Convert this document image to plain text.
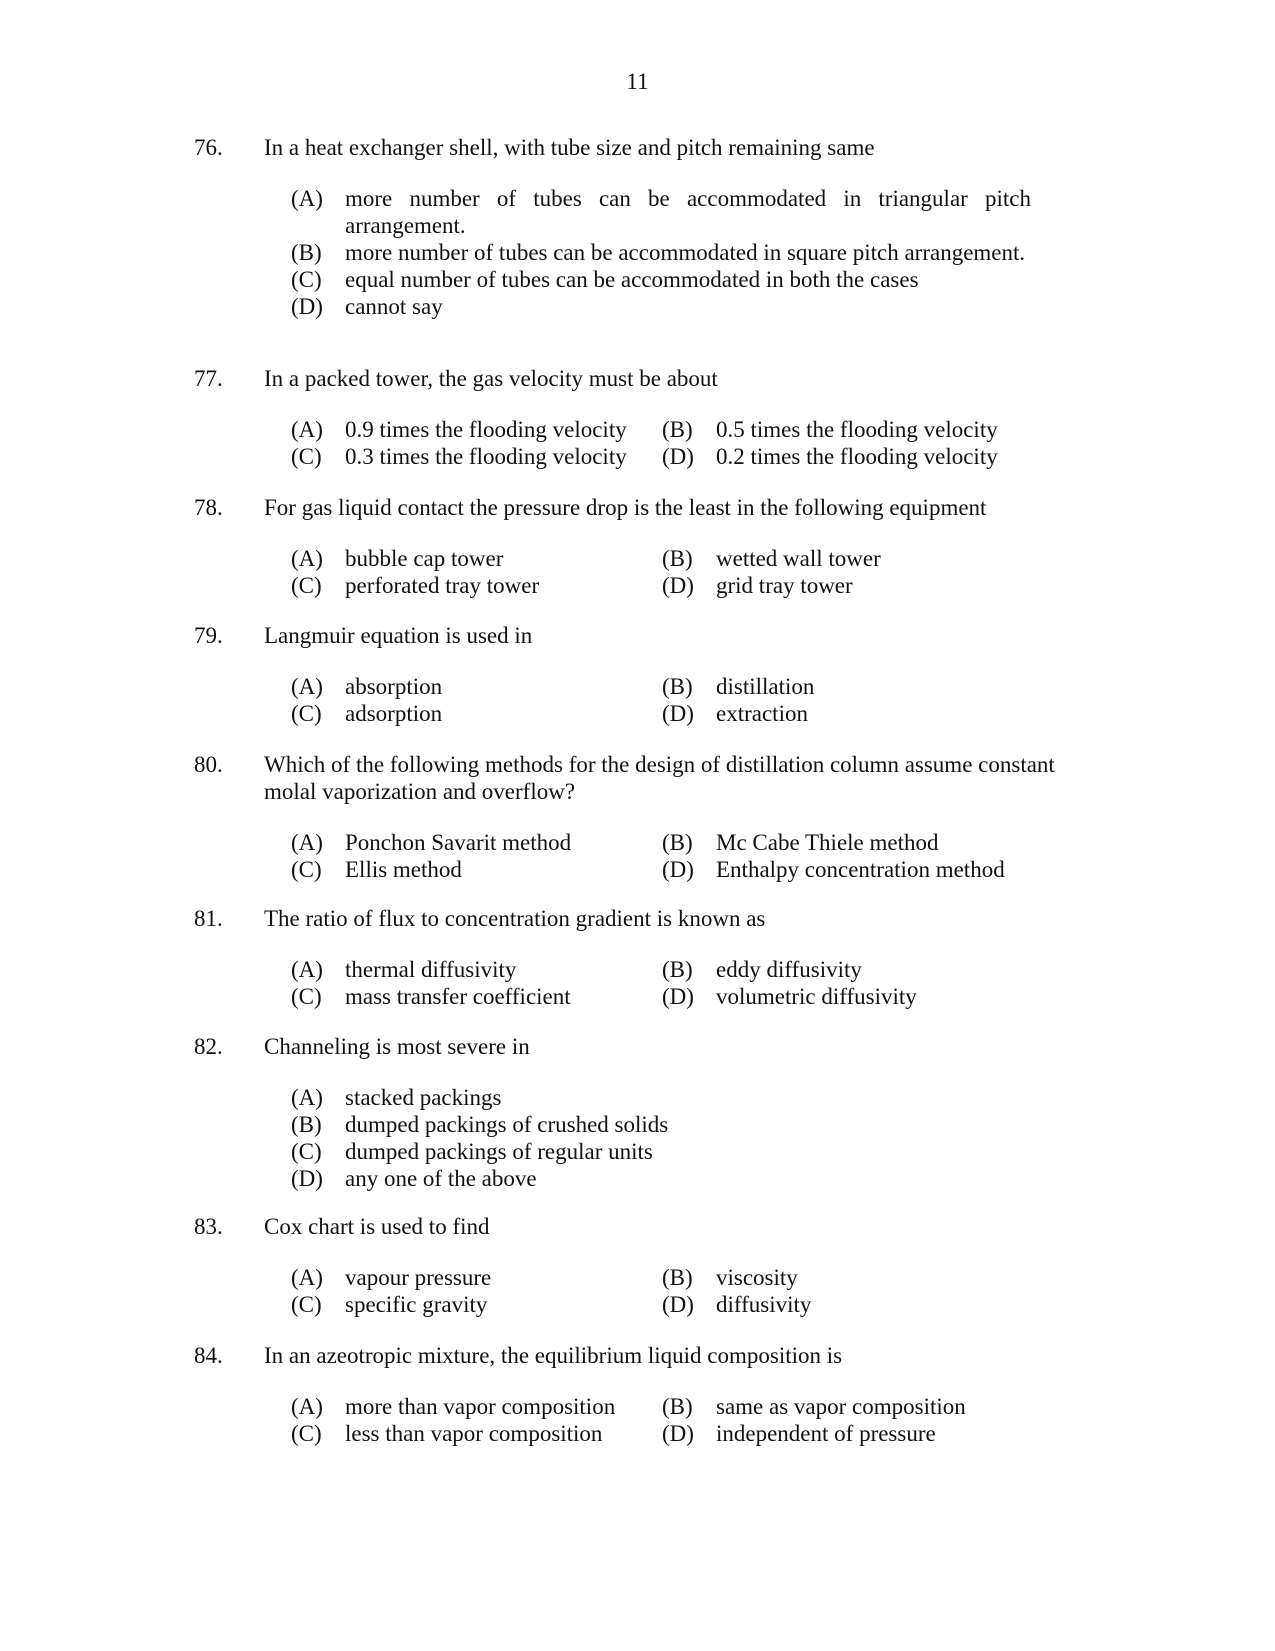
11
76.	In a heat exchanger shell, with tube size and pitch remaining same
(A) more number of tubes can be accommodated in triangular pitch arrangement.
(B)	more number of tubes can be accommodated in square pitch arrangement.
(C)	equal number of tubes can be accommodated in both the cases
(D) cannot say
77.	In a packed tower, the gas velocity must be about
(A) 0.9 times the flooding velocity	(B)	0.5 times the flooding velocity
(C)	0.3 times the flooding velocity	(D) 0.2 times the flooding velocity
78.	For gas liquid contact the pressure drop is the least in the following equipment
(A) bubble cap tower	(B)	wetted wall tower
(C)	perforated tray tower	(D) grid tray tower
79.	Langmuir equation is used in
(A) absorption	(B)	distillation
(C)	adsorption	(D) extraction
80.	Which of the following methods for the design of distillation column assume constant molal vaporization and overflow?
(A) Ponchon Savarit method	(B)	Mc Cabe Thiele method
(C)	Ellis method	(D) Enthalpy concentration method
81.	The ratio of flux to concentration gradient is known as
(A) thermal diffusivity	(B)	eddy diffusivity
(C)	mass transfer coefficient	(D) volumetric diffusivity
82.	Channeling is most severe in
(A) stacked packings
(B)	dumped packings of crushed solids
(C)	dumped packings of regular units
(D) any one of the above
83.	Cox chart is used to find
(A) vapour pressure	(B)	viscosity
(C)	specific gravity	(D) diffusivity
84.	In an azeotropic mixture, the equilibrium liquid composition is
(A) more than vapor composition	(B)	same as vapor composition
(C)	less than vapor composition	(D) independent of pressure
